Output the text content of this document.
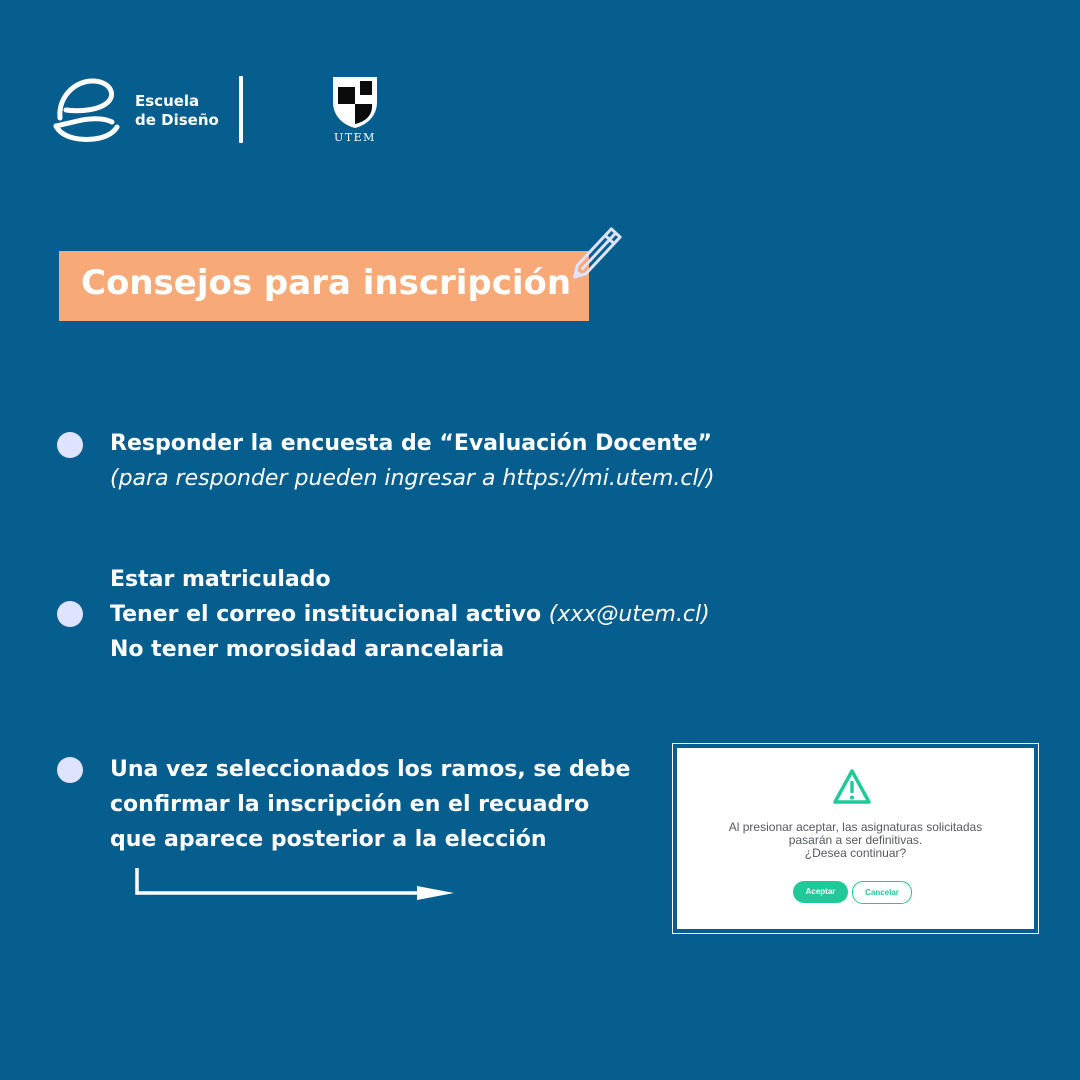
Escuela
de Diseño
UTEM
Consejos para inscripción
Responder la encuesta de “Evaluación Docente”
(para responder pueden ingresar a https://mi.utem.cl/)
Estar matriculado
Tener el correo institucional activo (xxx@utem.cl)
No tener morosidad arancelaria
Una vez seleccionados los ramos, se debe
confirmar la inscripción en el recuadro
que aparece posterior a la elección	Al presionar aceptar, las asignaturas solicitadas
pasarán a ser definitivas.
¿Desea continuar?
Aceptar	Cancelar
